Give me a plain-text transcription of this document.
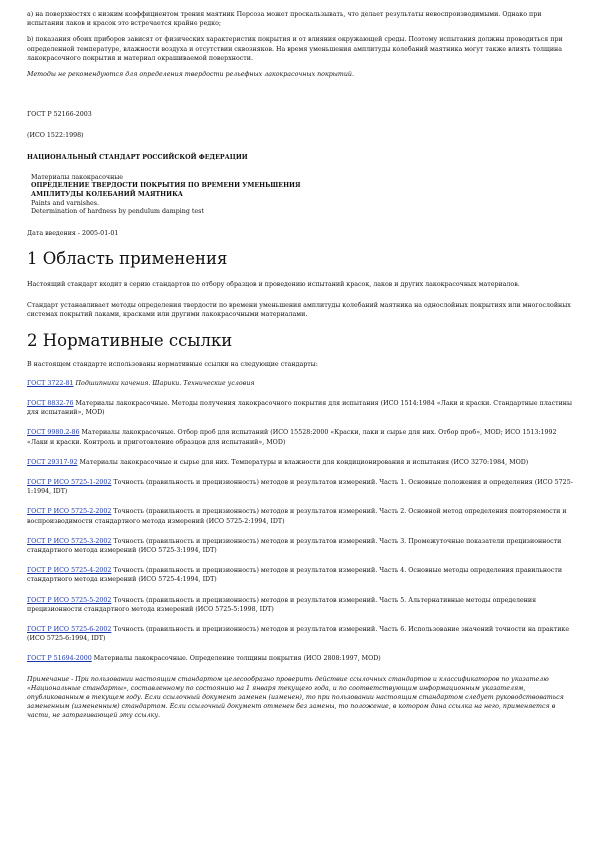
а) на поверхностях с низким коэффициентом трения маятник Персоза может проскальзывать, что делает результаты невоспроизводимыми. Однако при испытании лаков и красок это встречается крайне редко;

b) показания обоих приборов зависят от физических характеристик покрытия и от влияния окружающей среды. Поэтому испытания должны проводиться при определенной температуре, влажности воздуха и отсутствии сквозняков. На время уменьшения амплитуды колебаний маятника могут также влиять толщина лакокрасочного покрытия и материал окрашиваемой поверхности.

Методы не рекомендуются для определения твердости рельефных лакокрасочных покрытий.

ГОСТ Р 52166-2003

(ИСО 1522:1998)

НАЦИОНАЛЬНЫЙ СТАНДАРТ РОССИЙСКОЙ ФЕДЕРАЦИИ

Материалы лакокрасочные

ОПРЕДЕЛЕНИЕ ТВЕРДОСТИ ПОКРЫТИЯ ПО ВРЕМЕНИ УМЕНЬШЕНИЯ

АМПЛИТУДЫ КОЛЕБАНИЙ МАЯТНИКА

Paints and varnishes.

Determination of hardness by pendulum damping test

Дата введения - 2005-01-01

1 Область применения

Настоящий стандарт входит в серию стандартов по отбору образцов и проведению испытаний красок, лаков и других лакокрасочных материалов.

Стандарт устанавливает методы определения твердости по времени уменьшения амплитуды колебаний маятника на однослойных покрытиях или многослойных системах покрытий лаками, красками или другими лакокрасочными материалами.

2 Нормативные ссылки

В настоящем стандарте использованы нормативные ссылки на следующие стандарты:

ГОСТ 3722-81 Подшипники качения. Шарики. Технические условия

ГОСТ 8832-76 Материалы лакокрасочные. Методы получения лакокрасочного покрытия для испытания (ИСО 1514:1984 «Лаки и краски. Стандартные пластины для испытаний», MOD)

ГОСТ 9980.2-86 Материалы лакокрасочные. Отбор проб для испытаний (ИСО 15528:2000 «Краски, лаки и сырье для них. Отбор проб», MOD; ИСО 1513:1992 «Лаки и краски. Контроль и приготовление образцов для испытаний», MOD)

ГОСТ 29317-92 Материалы лакокрасочные и сырье для них. Температуры и влажности для кондиционирования и испытания (ИСО 3270:1984, MOD)

ГОСТ Р ИСО 5725-1-2002 Точность (правильность и прецизионность) методов и результатов измерений. Часть 1. Основные положения и определения (ИСО 5725-1:1994, IDT)

ГОСТ Р ИСО 5725-2-2002 Точность (правильность и прецизионность) методов и результатов измерений. Часть 2. Основной метод определения повторяемости и воспроизводимости стандартного метода измерений (ИСО 5725-2:1994, IDT)

ГОСТ Р ИСО 5725-3-2002 Точность (правильность и прецизионность) методов и результатов измерений. Часть 3. Промежуточные показатели прецизионности стандартного метода измерений (ИСО 5725-3:1994, IDT)

ГОСТ Р ИСО 5725-4-2002 Точность (правильность и прецизионность) методов и результатов измерений. Часть 4. Основные методы определения правильности стандартного метода измерений (ИСО 5725-4:1994, IDT)

ГОСТ Р ИСО 5725-5-2002 Точность (правильность и прецизионность) методов и результатов измерений. Часть 5. Альтернативные методы определения прецизионности стандартного метода измерений (ИСО 5725-5:1998, IDT)

ГОСТ Р ИСО 5725-6-2002 Точность (правильность и прецизионность) методов и результатов измерений. Часть 6. Использование значений точности на практике (ИСО 5725-6:1994, IDT)

ГОСТ Р 51694-2000 Материалы лакокрасочные. Определение толщины покрытия (ИСО 2808:1997, MOD)

Примечание - При пользовании настоящим стандартом целесообразно проверить действие ссылочных стандартов и классификаторов по указателю «Национальные стандарты», составленному по состоянию на 1 января текущего года, и по соответствующим информационным указателям, опубликованным в текущем году. Если ссылочный документ заменен (изменен), то при пользовании настоящим стандартом следует руководствоваться замененным (измененным) стандартом. Если ссылочный документ отменен без замены, то положение, в котором дана ссылка на него, применяется в части, не затрагивающей эту ссылку.
